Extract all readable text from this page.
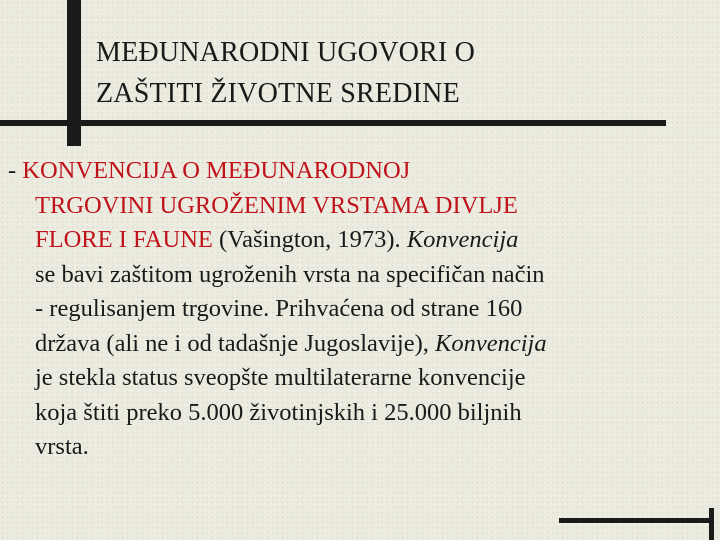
MEĐUNARODNI UGOVORI O
ZAŠTITI ŽIVOTNE SREDINE
- KONVENCIJA O MEĐUNARODNOJ
TRGOVINI UGROŽENIM VRSTAMA DIVLJE
FLORE I FAUNE (Vašington, 1973). Konvencija
se bavi zaštitom ugroženih vrsta na specifičan način
- regulisanjem trgovine. Prihvaćena od strane 160
država (ali ne i od tadašnje Jugoslavije), Konvencija
je stekla status sveopšte multilaterarne konvencije
koja štiti preko 5.000 životinjskih i 25.000 biljnih
vrsta.
